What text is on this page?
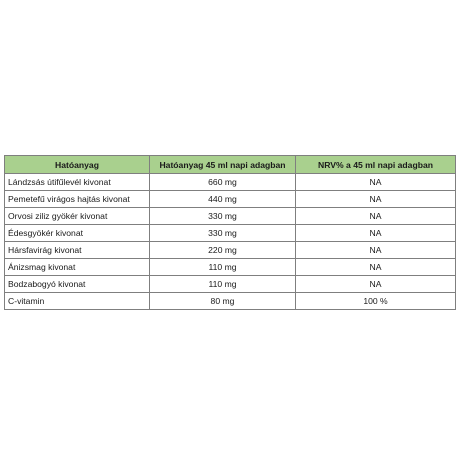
Hatóanyag	Hatóanyag 45 ml napi adagban	NRV% a 45 ml napi adagban
Lándzsás útifűlevél kivonat	660 mg	NA
Pemetefű virágos hajtás kivonat	440 mg	NA
Orvosi ziliz gyökér kivonat	330 mg	NA
Édesgyökér kivonat	330 mg	NA
Hársfavirág kivonat	220 mg	NA
Ánizsmag kivonat	110 mg	NA
Bodzabogyó kivonat	110 mg	NA
C-vitamin	80 mg	100 %
